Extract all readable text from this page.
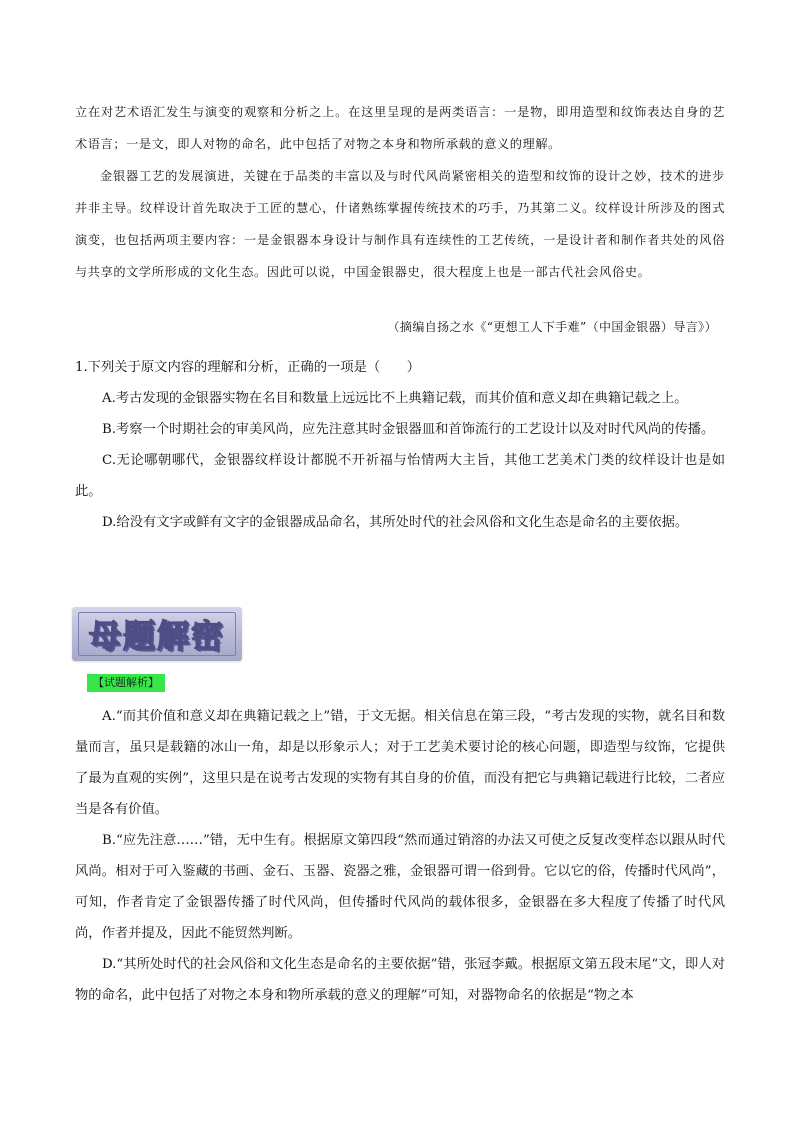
立在对艺术语汇发生与演变的观察和分析之上。在这里呈现的是两类语言：一是物，即用造型和纹饰表达自身的艺术语言；一是文，即人对物的命名，此中包括了对物之本身和物所承载的意义的理解。

金银器工艺的发展演进，关键在于品类的丰富以及与时代风尚紧密相关的造型和纹饰的设计之妙，技术的进步并非主导。纹样设计首先取决于工匠的慧心，什诸熟练掌握传统技术的巧手，乃其第二义。纹样设计所涉及的图式演变，也包括两项主要内容：一是金银器本身设计与制作具有连续性的工艺传统，一是设计者和制作者共处的风俗与共享的文学所形成的文化生态。因此可以说，中国金银器史，很大程度上也是一部古代社会风俗史。

（摘编自扬之水《“更想工人下手难”（中国金银器）导言》）

1.下列关于原文内容的理解和分析，正确的一项是（　　）

A.考古发现的金银器实物在名目和数量上远远比不上典籍记载，而其价值和意义却在典籍记载之上。

B.考察一个时期社会的审美风尚，应先注意其时金银器皿和首饰流行的工艺设计以及对时代风尚的传播。

C.无论哪朝哪代，金银器纹样设计都脱不开祈福与怡情两大主旨，其他工艺美术门类的纹样设计也是如此。

D.给没有文字或鲜有文字的金银器成品命名，其所处时代的社会风俗和文化生态是命名的主要依据。

母题解密
【试题解析】

A.“而其价值和意义却在典籍记载之上”错，于文无据。相关信息在第三段，“考古发现的实物，就名目和数量而言，虽只是载籍的冰山一角，却是以形象示人；对于工艺美术要讨论的核心问题，即造型与纹饰，它提供了最为直观的实例”，这里只是在说考古发现的实物有其自身的价值，而没有把它与典籍记载进行比较，二者应当是各有价值。

B.“应先注意……”错，无中生有。根据原文第四段“然而通过销溶的办法又可使之反复改变样态以跟从时代风尚。相对于可入鉴藏的书画、金石、玉器、瓷器之雅，金银器可谓一俗到骨。它以它的俗，传播时代风尚”，可知，作者肯定了金银器传播了时代风尚，但传播时代风尚的载体很多，金银器在多大程度了传播了时代风尚，作者并提及，因此不能贸然判断。

D.“其所处时代的社会风俗和文化生态是命名的主要依据”错，张冠李戴。根据原文第五段末尾“文，即人对物的命名，此中包括了对物之本身和物所承载的意义的理解”可知，对器物命名的依据是“物之本
